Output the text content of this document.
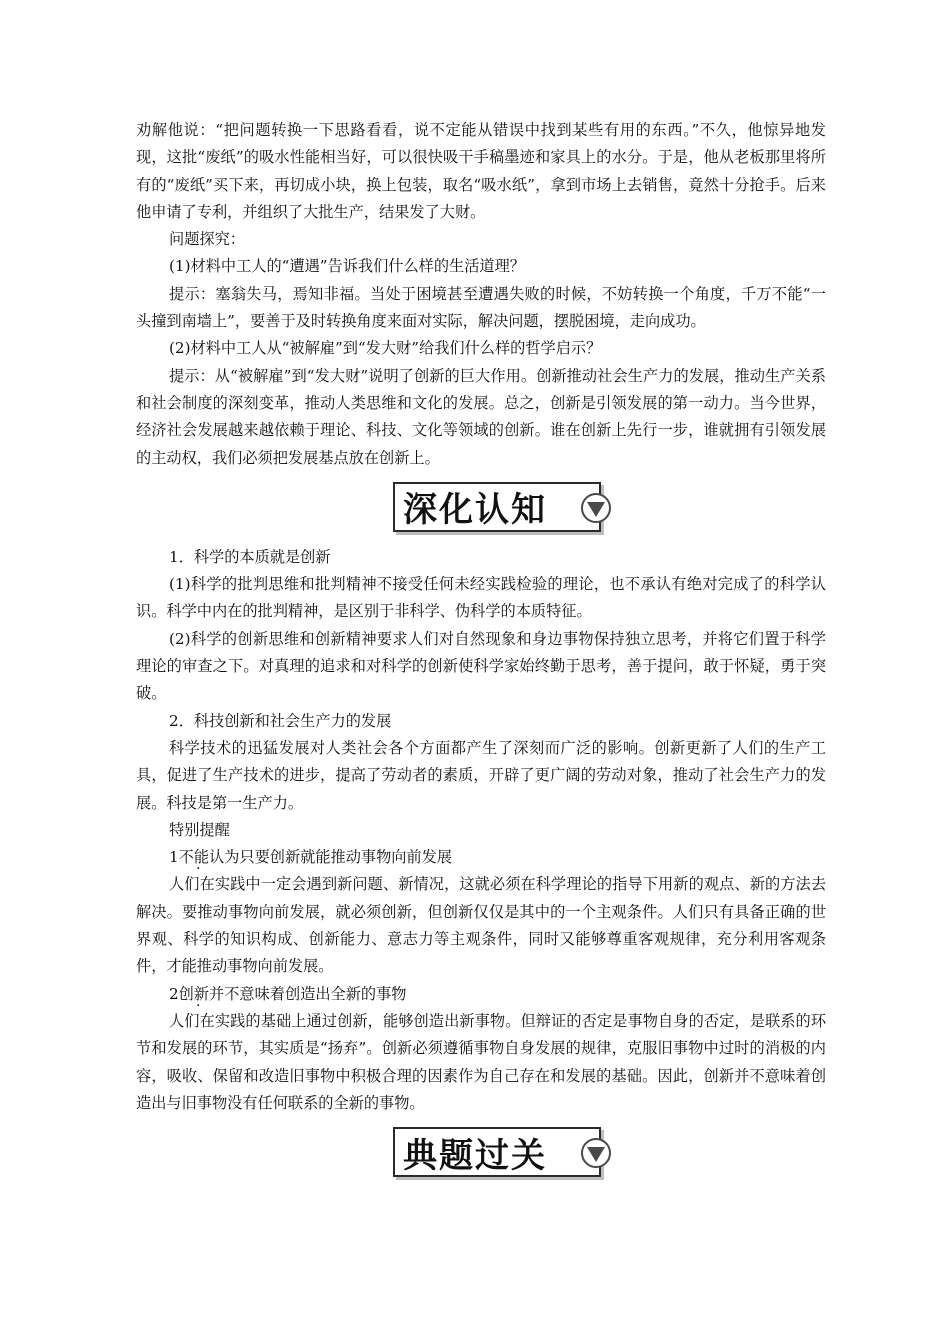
劝解他说：“把问题转换一下思路看看，说不定能从错误中找到某些有用的东西。”不久，他惊异地发现，这批“废纸”的吸水性能相当好，可以很快吸干手稿墨迹和家具上的水分。于是，他从老板那里将所有的“废纸”买下来，再切成小块，换上包装，取名“吸水纸”，拿到市场上去销售，竟然十分抢手。后来他申请了专利，并组织了大批生产，结果发了大财。

问题探究：

(1)材料中工人的“遭遇”告诉我们什么样的生活道理？

提示：塞翁失马，焉知非福。当处于困境甚至遭遇失败的时候，不妨转换一个角度，千万不能“一头撞到南墙上”，要善于及时转换角度来面对实际，解决问题，摆脱困境，走向成功。

(2)材料中工人从“被解雇”到“发大财”给我们什么样的哲学启示？

提示：从“被解雇”到“发大财”说明了创新的巨大作用。创新推动社会生产力的发展，推动生产关系和社会制度的深刻变革，推动人类思维和文化的发展。总之，创新是引领发展的第一动力。当今世界，经济社会发展越来越依赖于理论、科技、文化等领域的创新。谁在创新上先行一步，谁就拥有引领发展的主动权，我们必须把发展基点放在创新上。

深化认知

1．科学的本质就是创新

(1)科学的批判思维和批判精神不接受任何未经实践检验的理论，也不承认有绝对完成了的科学认识。科学中内在的批判精神，是区别于非科学、伪科学的本质特征。

(2)科学的创新思维和创新精神要求人们对自然现象和身边事物保持独立思考，并将它们置于科学理论的审查之下。对真理的追求和对科学的创新使科学家始终勤于思考，善于提问，敢于怀疑，勇于突破。

2．科技创新和社会生产力的发展

科学技术的迅猛发展对人类社会各个方面都产生了深刻而广泛的影响。创新更新了人们的生产工具，促进了生产技术的进步，提高了劳动者的素质，开辟了更广阔的劳动对象，推动了社会生产力的发展。科技是第一生产力。

特别提醒

. 1不能认为只要创新就能推动事物向前发展

人们在实践中一定会遇到新问题、新情况，这就必须在科学理论的指导下用新的观点、新的方法去解决。要推动事物向前发展，就必须创新，但创新仅仅是其中的一个主观条件。人们只有具备正确的世界观、科学的知识构成、创新能力、意志力等主观条件，同时又能够尊重客观规律，充分利用客观条件，才能推动事物向前发展。

. 2创新并不意味着创造出全新的事物

人们在实践的基础上通过创新，能够创造出新事物。但辩证的否定是事物自身的否定，是联系的环节和发展的环节，其实质是“扬弃”。创新必须遵循事物自身发展的规律，克服旧事物中过时的消极的内容，吸收、保留和改造旧事物中积极合理的因素作为自己存在和发展的基础。因此，创新并不意味着创造出与旧事物没有任何联系的全新的事物。

典题过关
